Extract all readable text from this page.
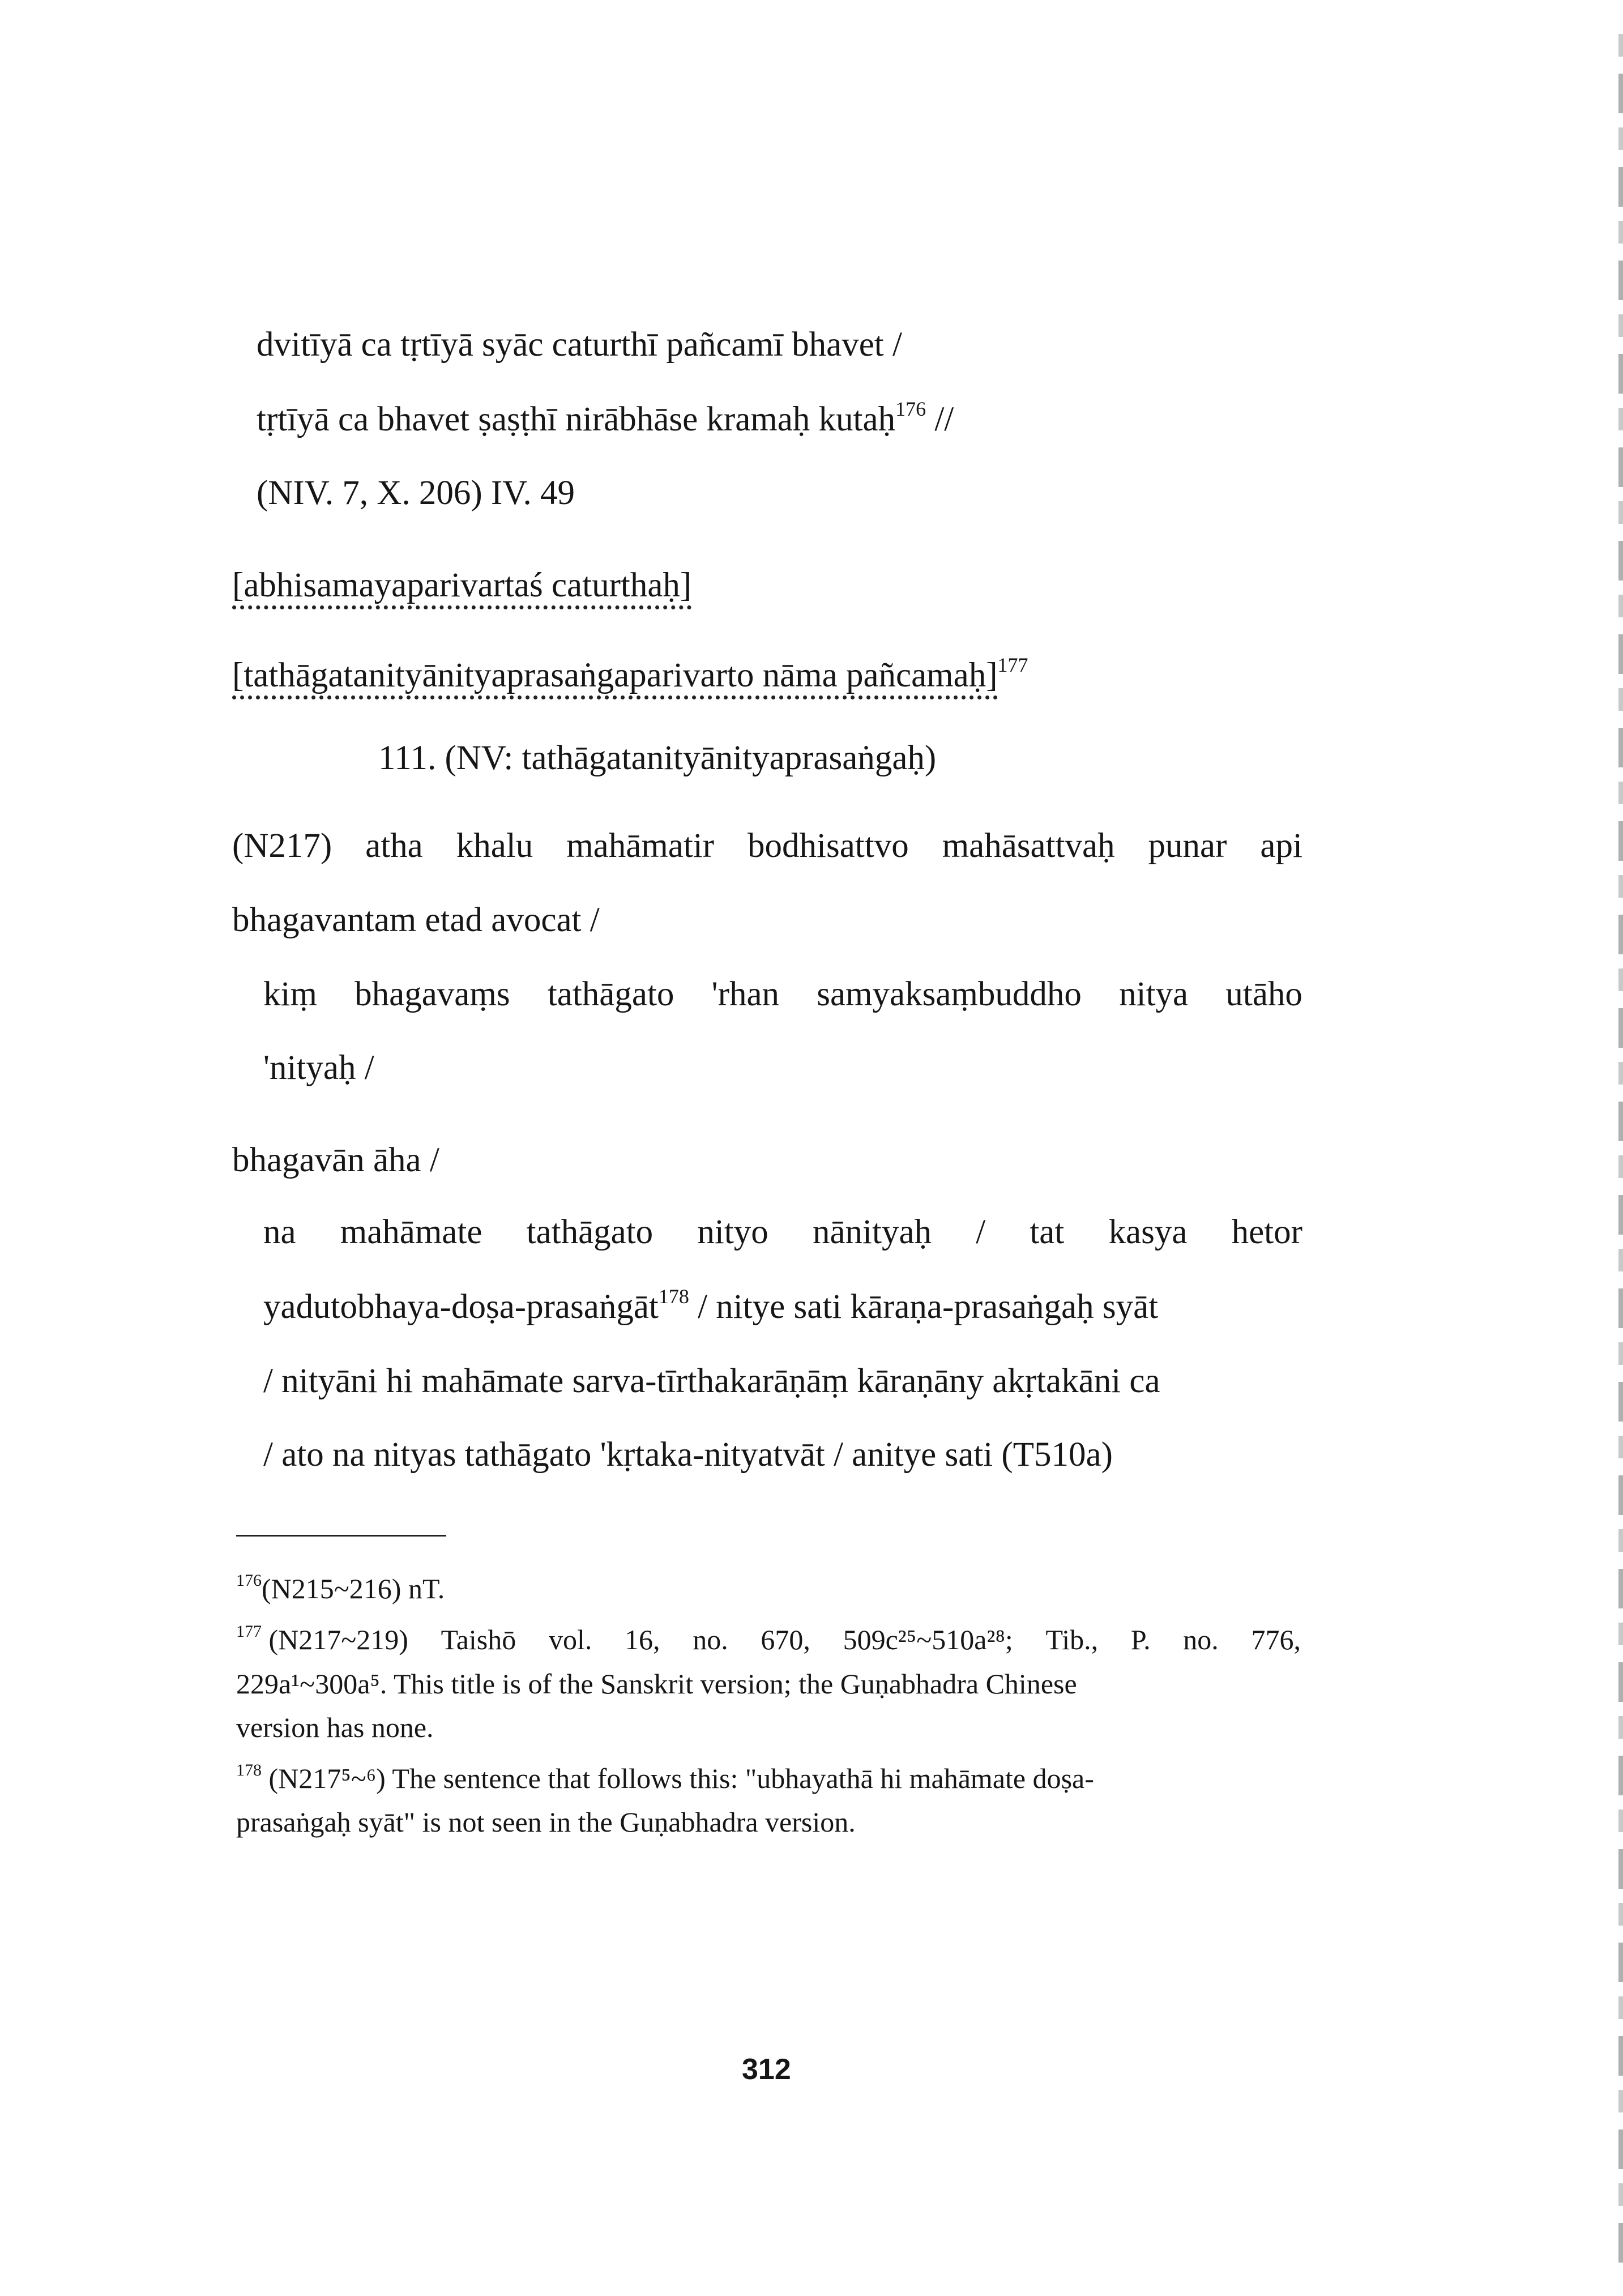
dvitīyā ca tṛtīyā syāc caturthī pañcamī bhavet /
tṛtīyā ca bhavet ṣaṣṭhī nirābhāse kramaḥ kutaḥ$^{176}$ //
(NIV. 7, X. 206) IV. 49
[abhisamayaparivartaś caturthaḥ]
[tathāgatanityānityaprasaṅgaparivarto nāma pañcamaḥ]$^{177}$
111. (NV: tathāgatanityānityaprasaṅgaḥ)
(N217) atha khalu mahāmatir bodhisattvo mahāsattvaḥ punar api
bhagavantam etad avocat /
kiṃ bhagavaṃs tathāgato 'rhan samyaksaṃbuddho nitya utāho
'nityaḥ /
bhagavān āha /
na mahāmate tathāgato nityo nānityaḥ / tat kasya hetor
yadutobhaya-doṣa-prasaṅgāt$^{178}$ / nitye sati kāraṇa-prasaṅgaḥ syāt
/ nityāni hi mahāmate sarva-tīrthakarāṇāṃ kāraṇāny akṛtakāni ca
/ ato na nityas tathāgato 'kṛtaka-nityatvāt / anitye sati (T510a)
$^{176}$(N215~216) nT.
$^{177}$ (N217~219) Taishō vol. 16, no. 670, 509c²⁵~510a²⁸; Tib., P. no. 776,
229a¹~300a⁵. This title is of the Sanskrit version; the Guṇabhadra Chinese
version has none.
$^{178}$ (N217⁵~⁶) The sentence that follows this: "ubhayathā hi mahāmate doṣa-
prasaṅgaḥ syāt" is not seen in the Guṇabhadra version.
312
